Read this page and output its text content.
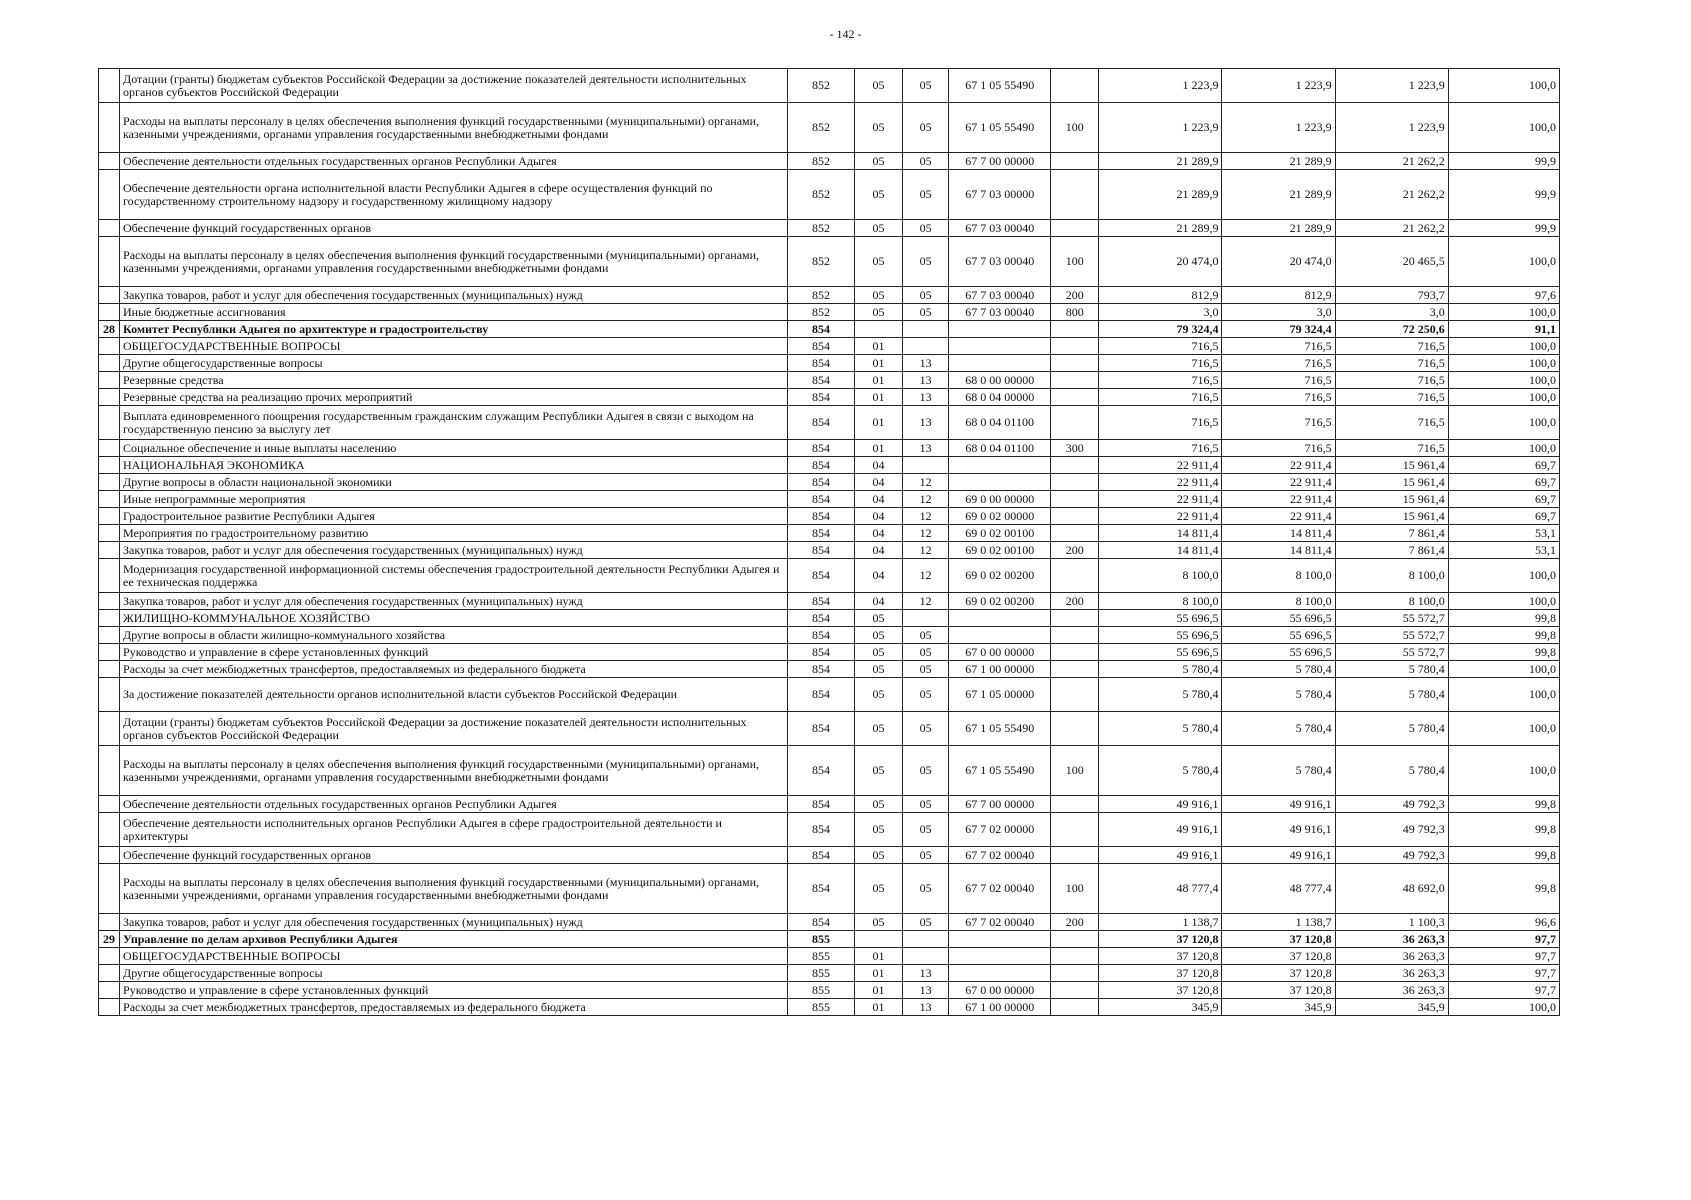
- 142 -
	Дотации (гранты) бюджетам субъектов Российской Федерации за достижение показателей деятельности исполнительных органов субъектов Российской Федерации	852	05	05	67 1 05 55490		1 223,9	1 223,9	1 223,9	100,0
	Расходы на выплаты персоналу в целях обеспечения выполнения функций государственными (муниципальными) органами, казенными учреждениями, органами управления государственными внебюджетными фондами	852	05	05	67 1 05 55490	100	1 223,9	1 223,9	1 223,9	100,0
	Обеспечение деятельности отдельных государственных органов Республики Адыгея	852	05	05	67 7 00 00000		21 289,9	21 289,9	21 262,2	99,9
	Обеспечение деятельности органа исполнительной власти Республики Адыгея в сфере осуществления функций по государственному строительному надзору и государственному жилищному надзору	852	05	05	67 7 03 00000		21 289,9	21 289,9	21 262,2	99,9
	Обеспечение функций государственных органов	852	05	05	67 7 03 00040		21 289,9	21 289,9	21 262,2	99,9
	Расходы на выплаты персоналу в целях обеспечения выполнения функций государственными (муниципальными) органами, казенными учреждениями, органами управления государственными внебюджетными фондами	852	05	05	67 7 03 00040	100	20 474,0	20 474,0	20 465,5	100,0
	Закупка товаров, работ и услуг для обеспечения государственных (муниципальных) нужд	852	05	05	67 7 03 00040	200	812,9	812,9	793,7	97,6
	Иные бюджетные ассигнования	852	05	05	67 7 03 00040	800	3,0	3,0	3,0	100,0
28	Комитет Республики Адыгея по архитектуре и градостроительству	854					79 324,4	79 324,4	72 250,6	91,1
	ОБЩЕГОСУДАРСТВЕННЫЕ ВОПРОСЫ	854	01				716,5	716,5	716,5	100,0
	Другие общегосударственные вопросы	854	01	13			716,5	716,5	716,5	100,0
	Резервные средства	854	01	13	68 0 00 00000		716,5	716,5	716,5	100,0
	Резервные средства на реализацию прочих мероприятий	854	01	13	68 0 04 00000		716,5	716,5	716,5	100,0
	Выплата единовременного поощрения государственным гражданским служащим Республики Адыгея в связи с выходом на государственную пенсию за выслугу лет	854	01	13	68 0 04 01100		716,5	716,5	716,5	100,0
	Социальное обеспечение и иные выплаты населению	854	01	13	68 0 04 01100	300	716,5	716,5	716,5	100,0
	НАЦИОНАЛЬНАЯ ЭКОНОМИКА	854	04				22 911,4	22 911,4	15 961,4	69,7
	Другие вопросы в области национальной экономики	854	04	12			22 911,4	22 911,4	15 961,4	69,7
	Иные непрограммные мероприятия	854	04	12	69 0 00 00000		22 911,4	22 911,4	15 961,4	69,7
	Градостроительное развитие Республики Адыгея	854	04	12	69 0 02 00000		22 911,4	22 911,4	15 961,4	69,7
	Мероприятия по градостроительному развитию	854	04	12	69 0 02 00100		14 811,4	14 811,4	7 861,4	53,1
	Закупка товаров, работ и услуг для обеспечения государственных (муниципальных) нужд	854	04	12	69 0 02 00100	200	14 811,4	14 811,4	7 861,4	53,1
	Модернизация государственной информационной системы обеспечения градостроительной деятельности Республики Адыгея и ее техническая поддержка	854	04	12	69 0 02 00200		8 100,0	8 100,0	8 100,0	100,0
	Закупка товаров, работ и услуг для обеспечения государственных (муниципальных) нужд	854	04	12	69 0 02 00200	200	8 100,0	8 100,0	8 100,0	100,0
	ЖИЛИЩНО-КОММУНАЛЬНОЕ ХОЗЯЙСТВО	854	05				55 696,5	55 696,5	55 572,7	99,8
	Другие вопросы в области жилищно-коммунального хозяйства	854	05	05			55 696,5	55 696,5	55 572,7	99,8
	Руководство и управление в сфере установленных функций	854	05	05	67 0 00 00000		55 696,5	55 696,5	55 572,7	99,8
	Расходы за счет межбюджетных трансфертов, предоставляемых из федерального бюджета	854	05	05	67 1 00 00000		5 780,4	5 780,4	5 780,4	100,0
	За достижение показателей деятельности органов исполнительной власти субъектов Российской Федерации	854	05	05	67 1 05 00000		5 780,4	5 780,4	5 780,4	100,0
	Дотации (гранты) бюджетам субъектов Российской Федерации за достижение показателей деятельности исполнительных органов субъектов Российской Федерации	854	05	05	67 1 05 55490		5 780,4	5 780,4	5 780,4	100,0
	Расходы на выплаты персоналу в целях обеспечения выполнения функций государственными (муниципальными) органами, казенными учреждениями, органами управления государственными внебюджетными фондами	854	05	05	67 1 05 55490	100	5 780,4	5 780,4	5 780,4	100,0
	Обеспечение деятельности отдельных государственных органов Республики Адыгея	854	05	05	67 7 00 00000		49 916,1	49 916,1	49 792,3	99,8
	Обеспечение деятельности исполнительных органов Республики Адыгея в сфере градостроительной деятельности и архитектуры	854	05	05	67 7 02 00000		49 916,1	49 916,1	49 792,3	99,8
	Обеспечение функций государственных органов	854	05	05	67 7 02 00040		49 916,1	49 916,1	49 792,3	99,8
	Расходы на выплаты персоналу в целях обеспечения выполнения функций государственными (муниципальными) органами, казенными учреждениями, органами управления государственными внебюджетными фондами	854	05	05	67 7 02 00040	100	48 777,4	48 777,4	48 692,0	99,8
	Закупка товаров, работ и услуг для обеспечения государственных (муниципальных) нужд	854	05	05	67 7 02 00040	200	1 138,7	1 138,7	1 100,3	96,6
29	Управление по делам архивов Республики Адыгея	855					37 120,8	37 120,8	36 263,3	97,7
	ОБЩЕГОСУДАРСТВЕННЫЕ ВОПРОСЫ	855	01				37 120,8	37 120,8	36 263,3	97,7
	Другие общегосударственные вопросы	855	01	13			37 120,8	37 120,8	36 263,3	97,7
	Руководство и управление в сфере установленных функций	855	01	13	67 0 00 00000		37 120,8	37 120,8	36 263,3	97,7
	Расходы за счет межбюджетных трансфертов, предоставляемых из федерального бюджета	855	01	13	67 1 00 00000		345,9	345,9	345,9	100,0
